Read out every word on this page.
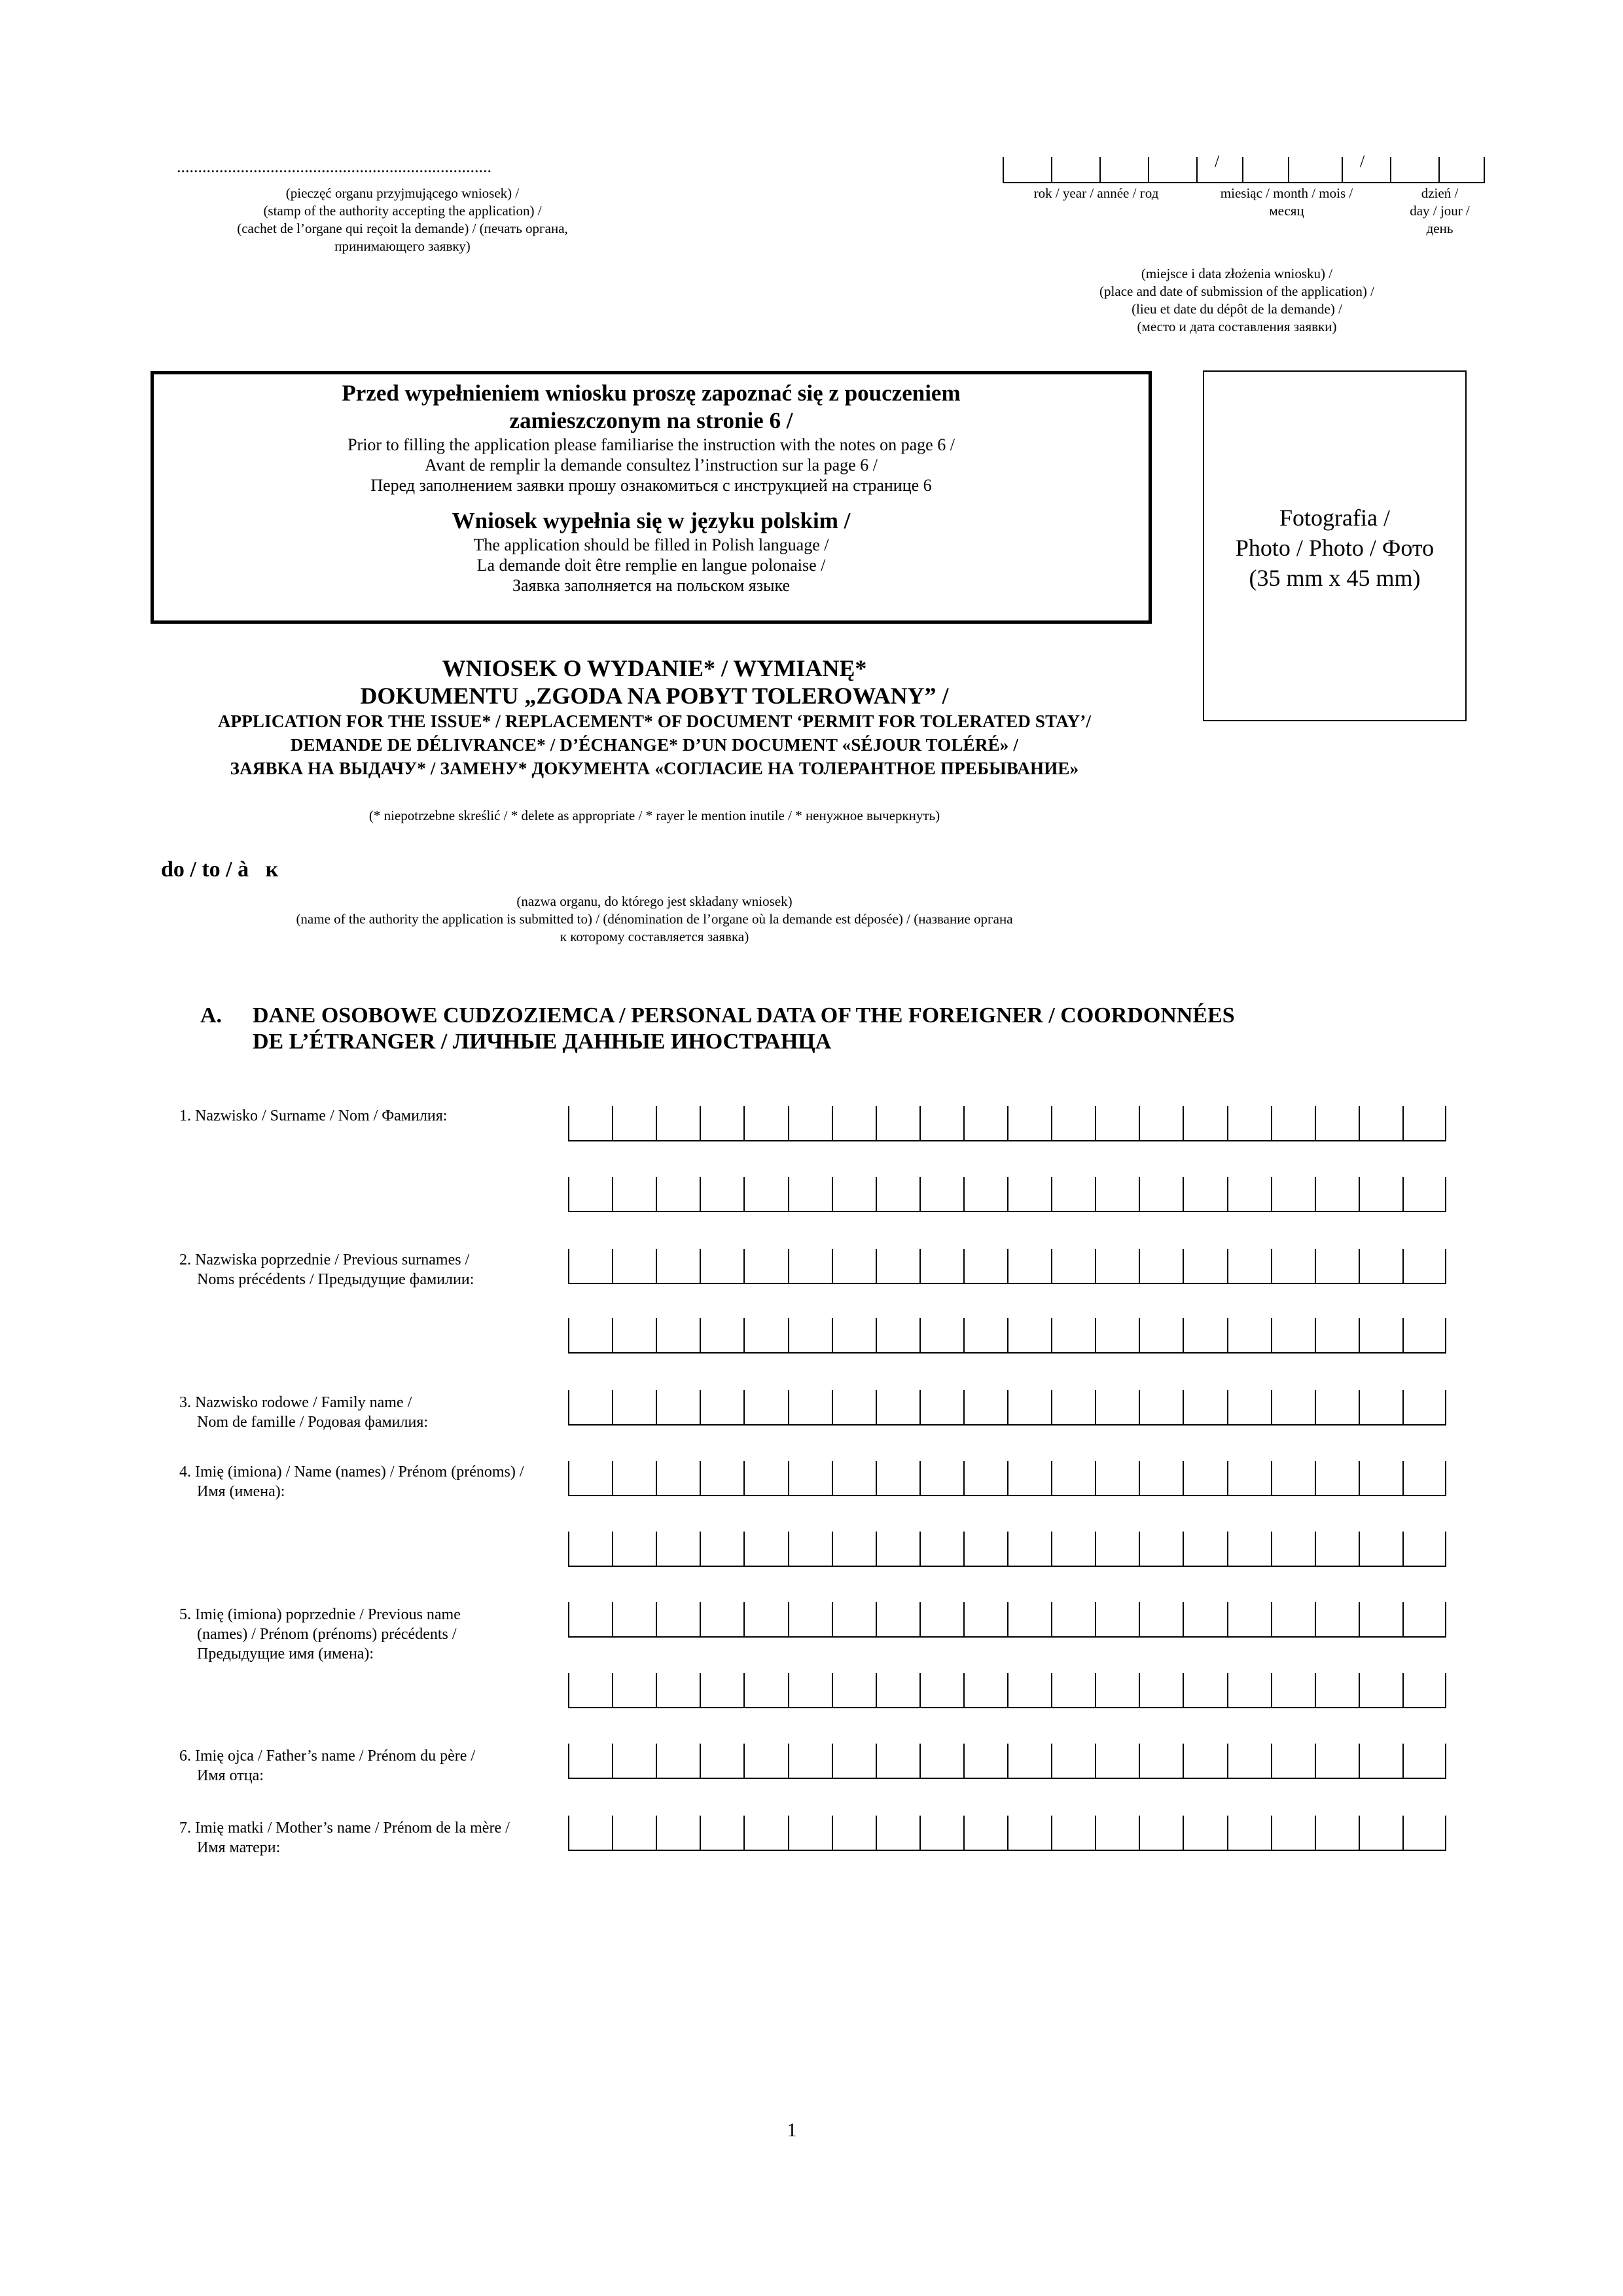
..........................................................................
(pieczęć organu przyjmującego wniosek) /
(stamp of the authority accepting the application) /
(cachet de l’organe qui reçoit la demande) / (печать органа,
принимающего заявку)
/	/
rok / year / année / год	miesiąc / month / mois /
месяц
dzień /
day / jour /
день
(miejsce i data złożenia wniosku) /
(place and date of submission of the application) /
(lieu et date du dépôt de la demande) /
(место и дата составления заявки)
Przed wypełnieniem wniosku proszę zapoznać się z pouczeniem
zamieszczonym na stronie 6 /
Prior to filling the application please familiarise the instruction with the notes on page 6 /
Avant de remplir la demande consultez l’instruction sur la page 6 /
Перед заполнением заявки прошу ознакомиться с инструкцией на странице 6
Wniosek wypełnia się w języku polskim /
The application should be filled in Polish language /
La demande doit être remplie en langue polonaise /
Заявка заполняется на польском языке
Fotografia /
Photo / Photo / Фото
(35 mm x 45 mm)
WNIOSEK O WYDANIE* / WYMIANĘ*
DOKUMENTU „ZGODA NA POBYT TOLEROWANY” /
APPLICATION FOR THE ISSUE* / REPLACEMENT* OF DOCUMENT ‘PERMIT FOR TOLERATED STAY’/
DEMANDE DE DÉLIVRANCE* / D’ÉCHANGE* D’UN DOCUMENT «SÉJOUR TOLÉRÉ» /
ЗАЯВКА НА ВЫДАЧУ* / ЗАМЕНУ* ДОКУМЕНТА «СОГЛАСИЕ НА ТОЛЕРАНТНОЕ ПРЕБЫВАНИЕ»
(* niepotrzebne skreślić / * delete as appropriate / * rayer le mention inutile / * ненужное вычеркнуть)
do / to / à   к
(nazwa organu, do którego jest składany wniosek)
(name of the authority the application is submitted to) / (dénomination de l’organe où la demande est déposée) / (название органа
к которому составляется заявка)
A. DANE OSOBOWE CUDZOZIEMCA / PERSONAL DATA OF THE FOREIGNER / COORDONNÉES
DE L’ÉTRANGER / ЛИЧНЫЕ ДАННЫЕ ИНОСТРАНЦА
1. Nazwisko / Surname / Nom / Фамилия:
2. Nazwiska poprzednie / Previous surnames /
Noms précédents / Предыдущие фамилии:
3. Nazwisko rodowe / Family name /
Nom de famille / Родовая фамилия:
4. Imię (imiona) / Name (names) / Prénom (prénoms) /
Имя (имена):
5. Imię (imiona) poprzednie / Previous name
(names) / Prénom (prénoms) précédents /
Предыдущие имя (имена):
6. Imię ojca / Father’s name / Prénom du père /
Имя отца:
7. Imię matki / Mother’s name / Prénom de la mère /
Имя матери:
1
